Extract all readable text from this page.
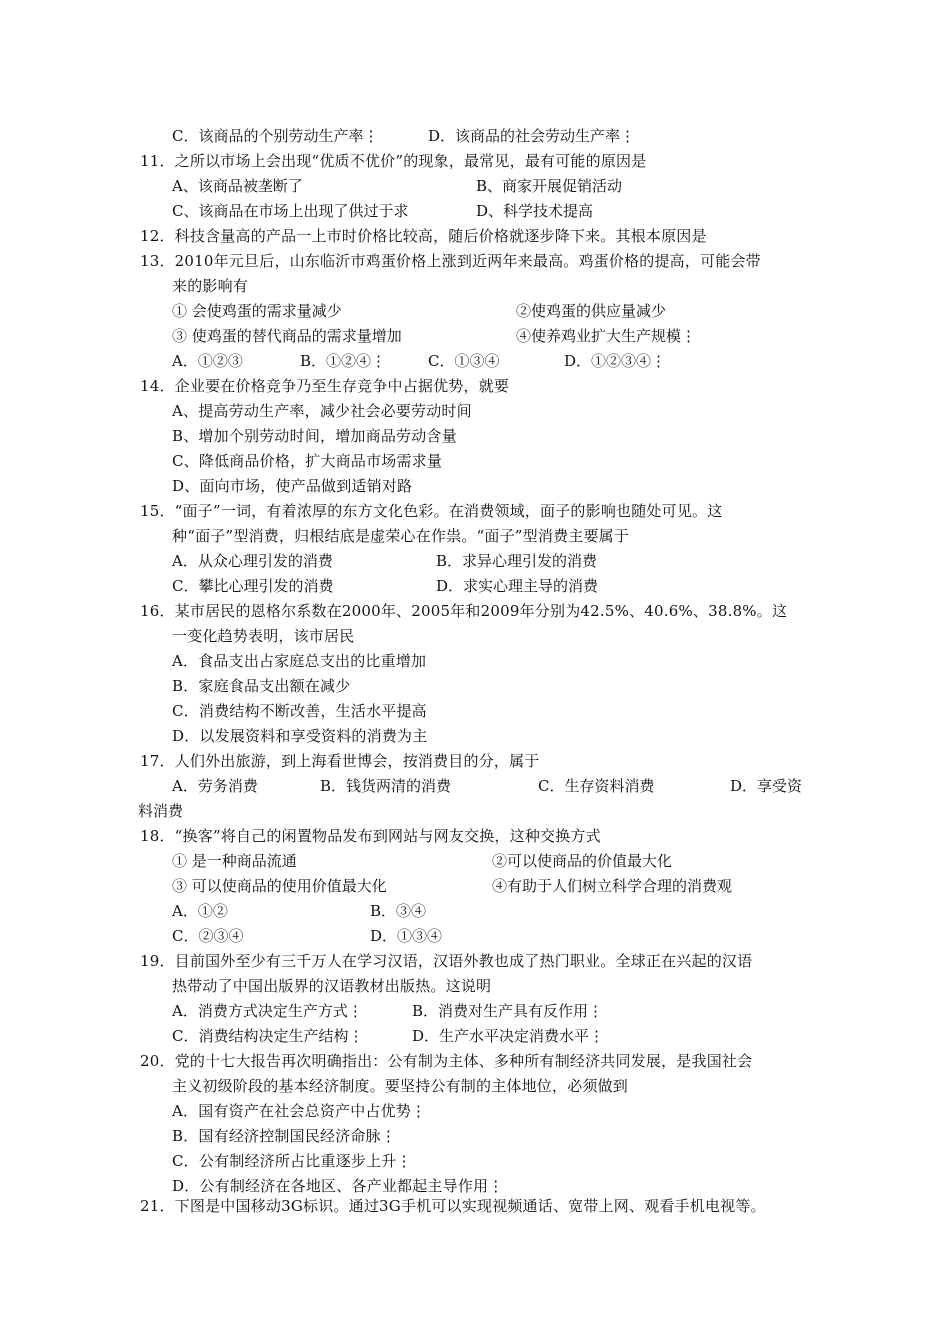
C．该商品的个别劳动生产率⋮	D．该商品的社会劳动生产率⋮
11．之所以市场上会出现“优质不优价”的现象，最常见，最有可能的原因是
A、该商品被垄断了	B、商家开展促销活动
C、该商品在市场上出现了供过于求	D、科学技术提高
12．科技含量高的产品一上市时价格比较高，随后价格就逐步降下来。其根本原因是
13．2010年元旦后，山东临沂市鸡蛋价格上涨到近两年来最高。鸡蛋价格的提高，可能会带
来的影响有
① 会使鸡蛋的需求量减少	②使鸡蛋的供应量减少
③ 使鸡蛋的替代商品的需求量增加	④使养鸡业扩大生产规模⋮
A．①②③	B．①②④⋮	C．①③④	D．①②③④⋮
14．企业要在价格竞争乃至生存竞争中占据优势，就要
A、提高劳动生产率，减少社会必要劳动时间
B、增加个别劳动时间，增加商品劳动含量
C、降低商品价格，扩大商品市场需求量
D、面向市场，使产品做到适销对路
15．“面子”一词，有着浓厚的东方文化色彩。在消费领域，面子的影响也随处可见。这
种“面子”型消费，归根结底是虚荣心在作祟。“面子”型消费主要属于
A．从众心理引发的消费	B．求异心理引发的消费
C．攀比心理引发的消费	D．求实心理主导的消费
16．某市居民的恩格尔系数在2000年、2005年和2009年分别为42.5%、40.6%、38.8%。这
一变化趋势表明，该市居民
A．食品支出占家庭总支出的比重增加
B．家庭食品支出额在减少
C．消费结构不断改善，生活水平提高
D．以发展资料和享受资料的消费为主
17．人们外出旅游，到上海看世博会，按消费目的分，属于
A．劳务消费	B．钱货两清的消费	C．生存资料消费	D．享受资
料消费
18．“换客”将自己的闲置物品发布到网站与网友交换，这种交换方式
① 是一种商品流通	②可以使商品的价值最大化
③ 可以使商品的使用价值最大化	④有助于人们树立科学合理的消费观
A．①②	B．③④
C．②③④	D．①③④
19．目前国外至少有三千万人在学习汉语，汉语外教也成了热门职业。全球正在兴起的汉语
热带动了中国出版界的汉语教材出版热。这说明
A．消费方式决定生产方式⋮	B．消费对生产具有反作用⋮
C．消费结构决定生产结构⋮	D．生产水平决定消费水平⋮
20．党的十七大报告再次明确指出：公有制为主体、多种所有制经济共同发展，是我国社会
主义初级阶段的基本经济制度。要坚持公有制的主体地位，必须做到
A．国有资产在社会总资产中占优势⋮
B．国有经济控制国民经济命脉⋮
C．公有制经济所占比重逐步上升⋮
D．公有制经济在各地区、各产业都起主导作用⋮
21．下图是中国移动3G标识。通过3G手机可以实现视频通话、宽带上网、观看手机电视等。
